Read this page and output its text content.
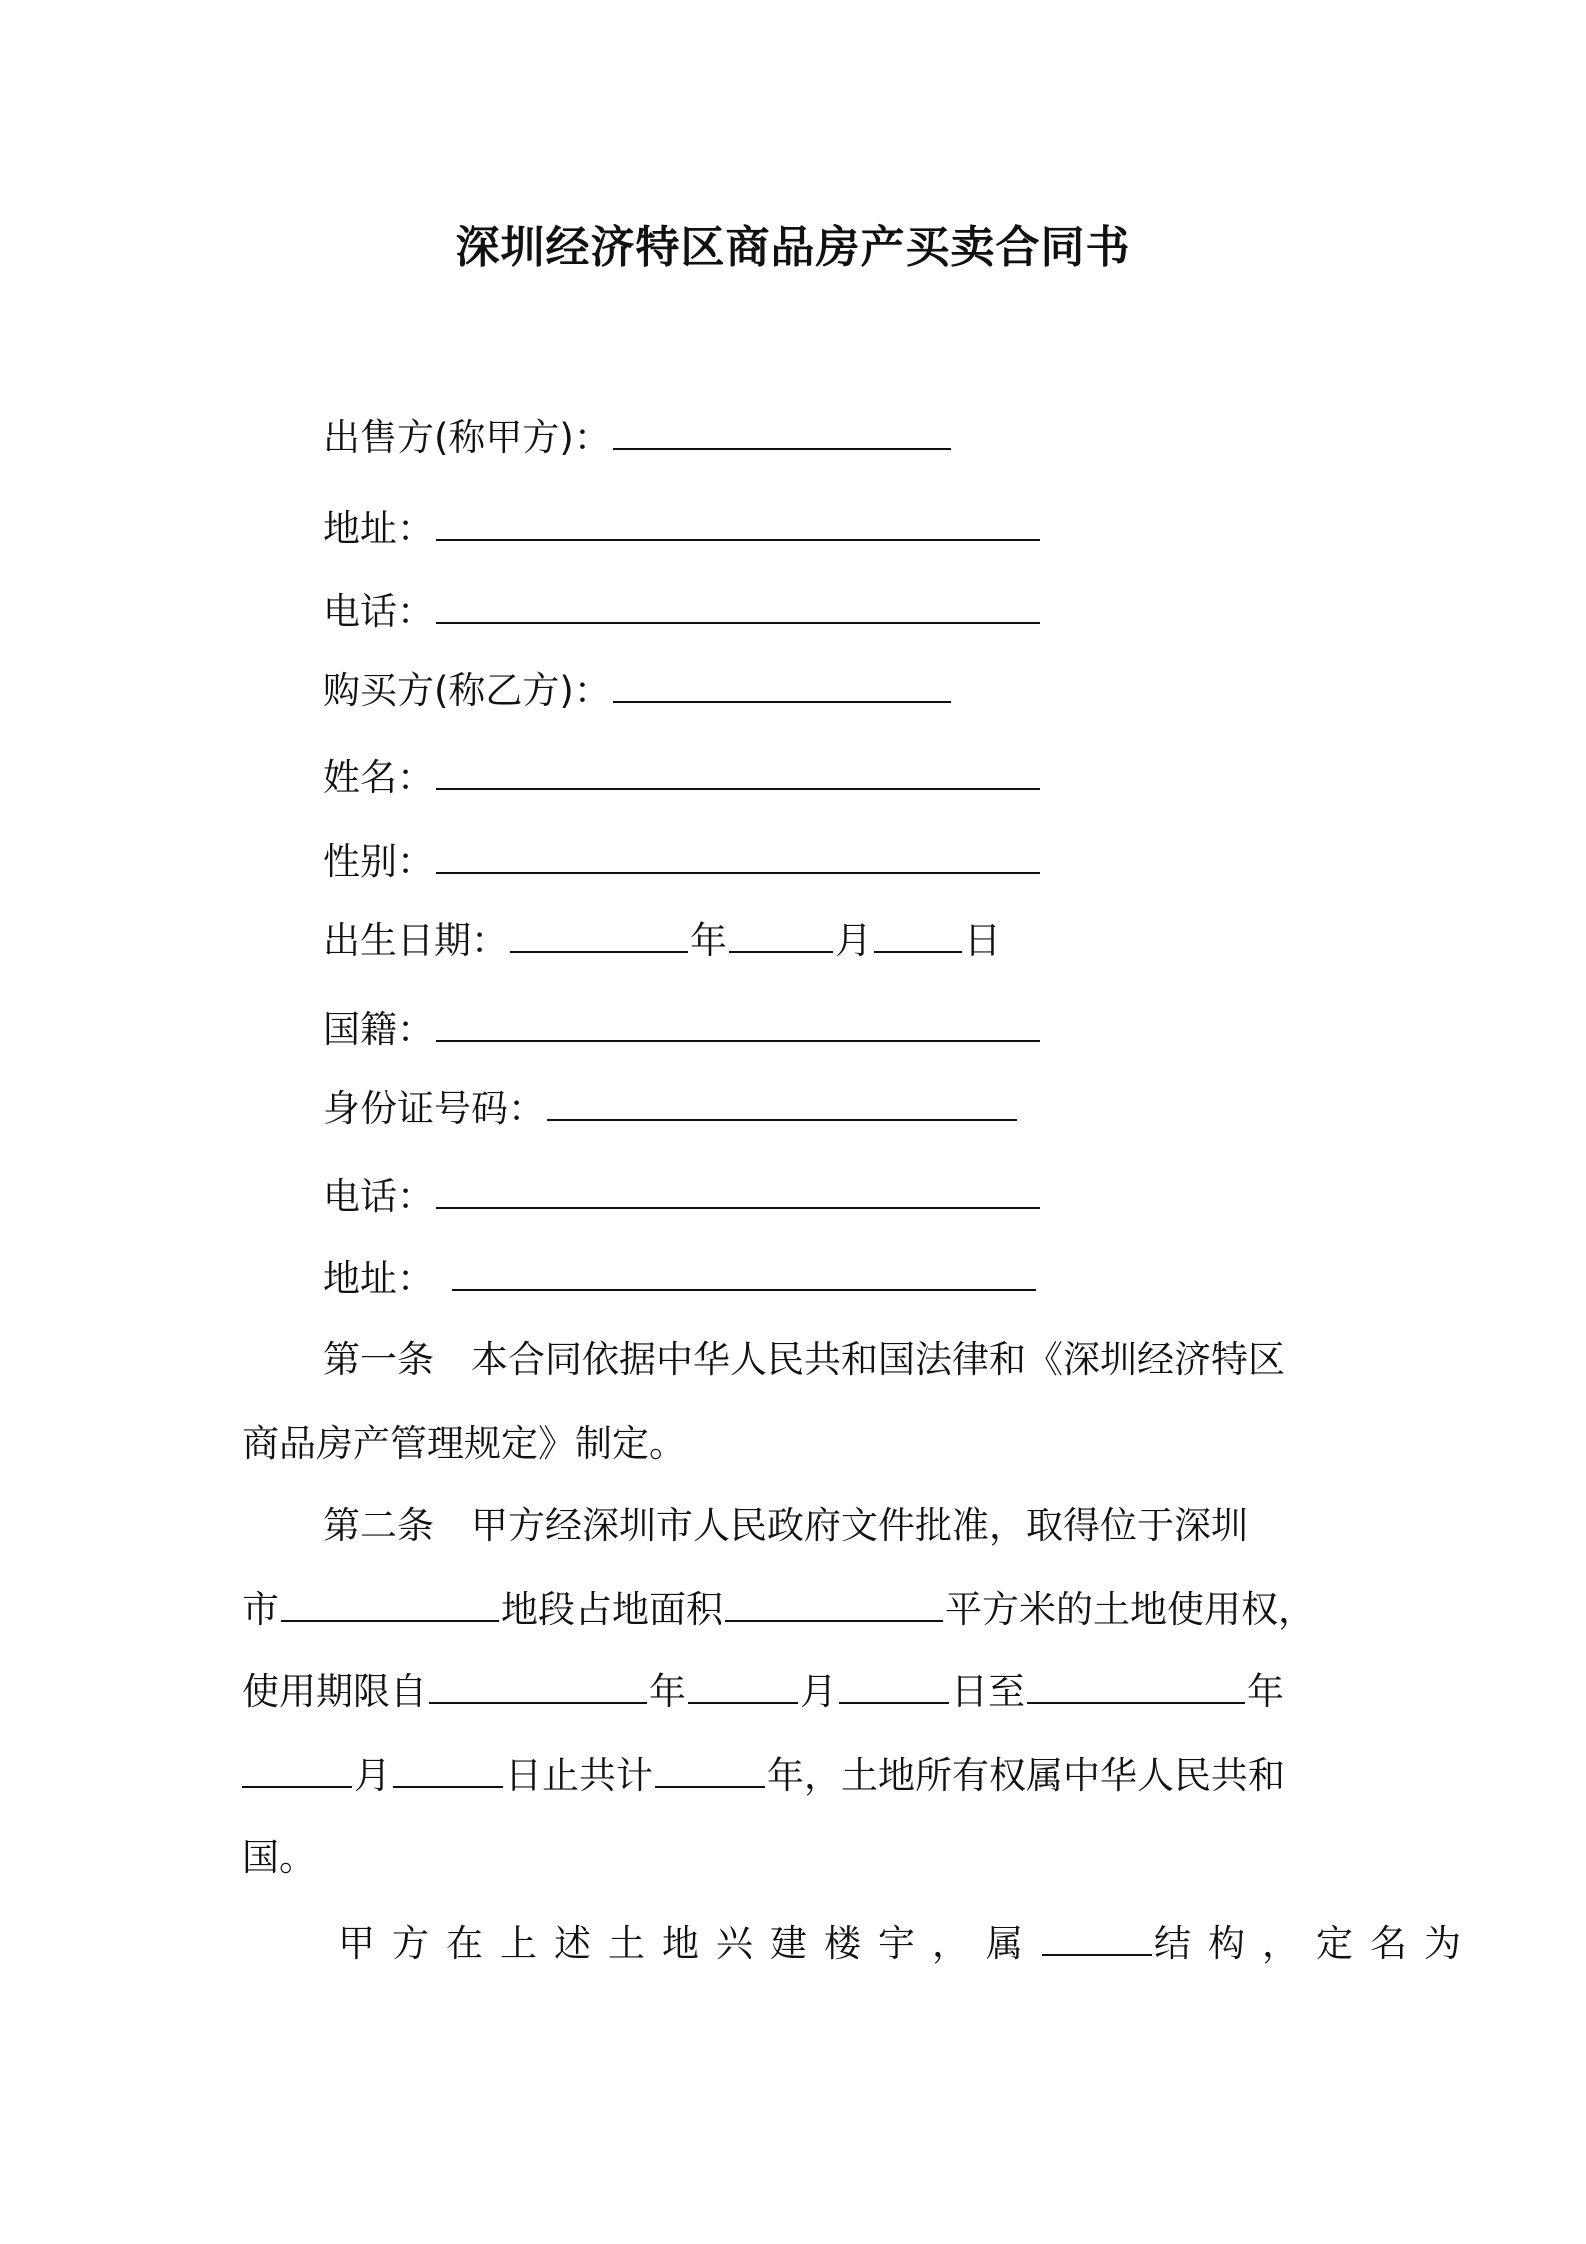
深圳经济特区商品房产买卖合同书
出售方(称甲方)：
地址：
电话：
购买方(称乙方)：
姓名：
性别：
出生日期：	年	月 日
国籍：
身份证号码：
电话：
地址：
第一条　本合同依据中华人民共和国法律和《深圳经济特区
商品房产管理规定》制定。
第二条　甲方经深圳市人民政府文件批准，取得位于深圳
市	地段占地面积	平方米的土地使用权，
使用期限自	年	月	日至	年
月	日止共计	年，土地所有权属中华人民共和
国。
甲方在上述土地兴建楼宇，属	结构，定名为
